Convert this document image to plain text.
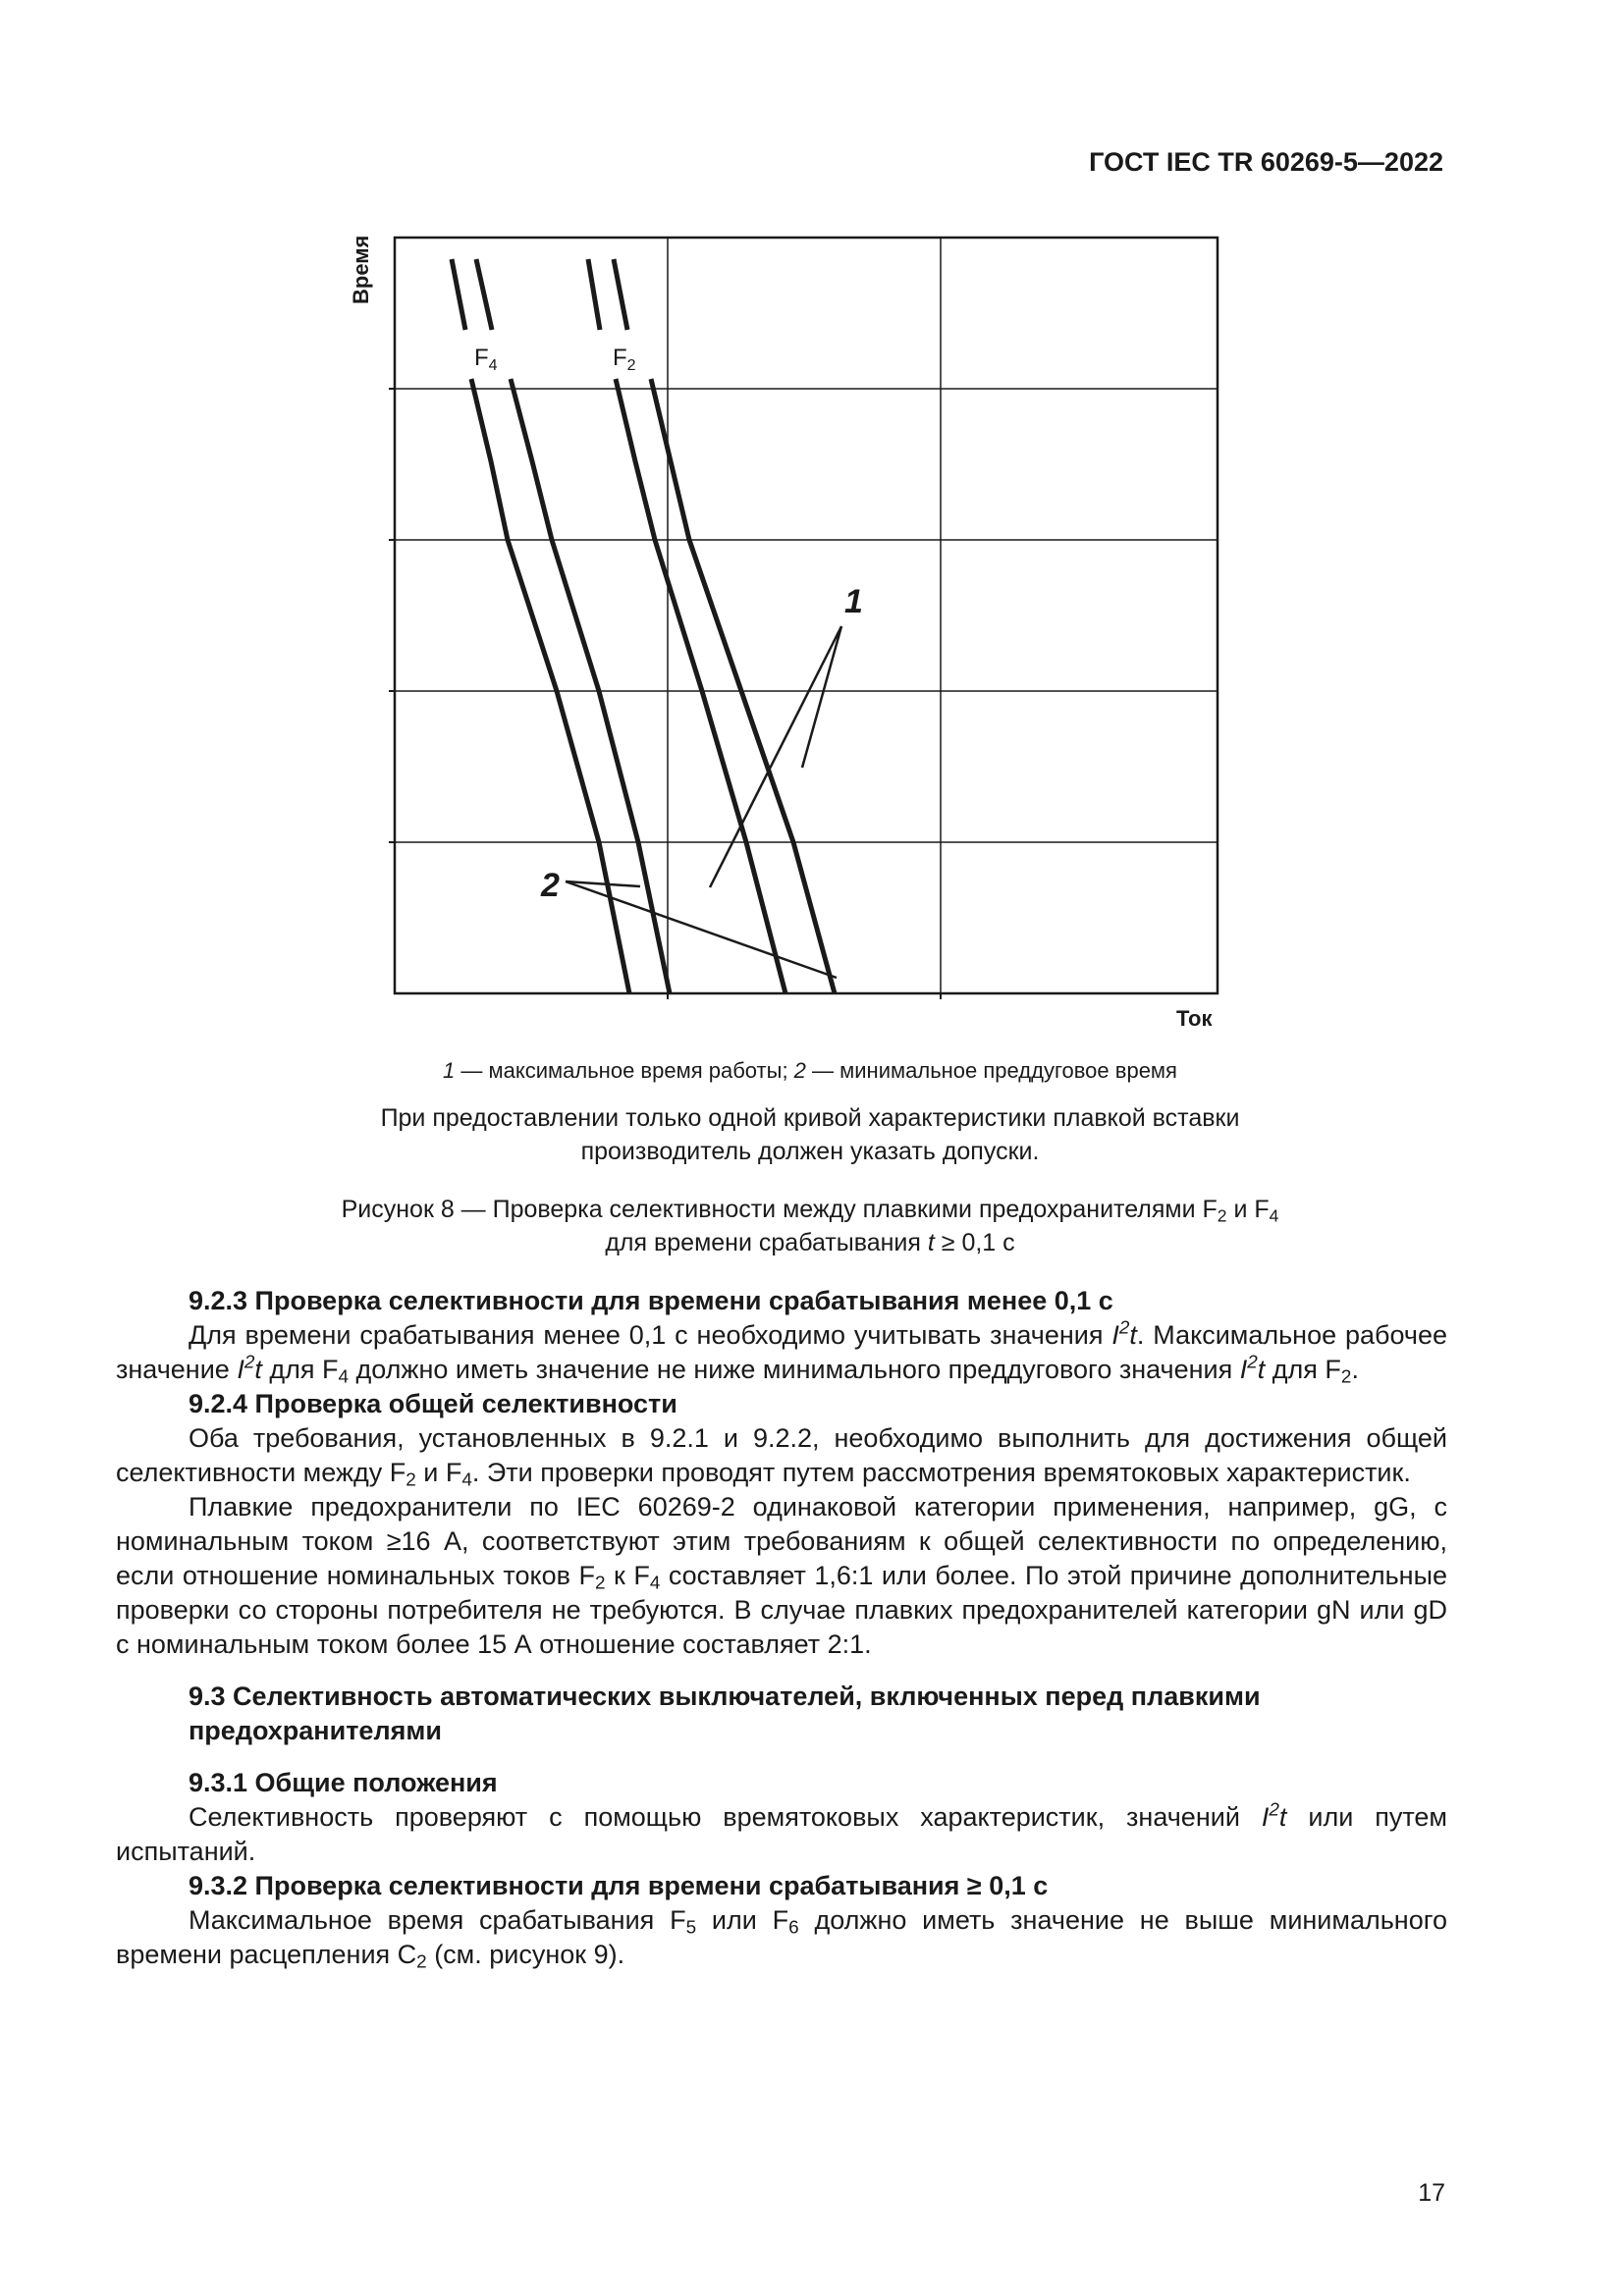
ГОСТ IEC TR 60269-5—2022
$F_4$	$F_2$
1
2
Время
Ток
1 — максимальное время работы; 2 — минимальное преддуговое время
При предоставлении только одной кривой характеристики плавкой вставки
производитель должен указать допуски.
Рисунок 8 — Проверка селективности между плавкими предохранителями $F_2$ и $F_4$
для времени срабатывания t ≥ 0,1 с

9.2.3 Проверка селективности для времени срабатывания менее 0,1 с

Для времени срабатывания менее 0,1 с необходимо учитывать значения $I^2t$. Максимальное рабочее значение $I^2t$ для $F_4$ должно иметь значение не ниже минимального преддугового значения $I^2t$ для $F_2$.

9.2.4 Проверка общей селективности

Оба требования, установленных в 9.2.1 и 9.2.2, необходимо выполнить для достижения общей селективности между $F_2$ и $F_4$. Эти проверки проводят путем рассмотрения времятоковых характеристик.

Плавкие предохранители по IEC 60269-2 одинаковой категории применения, например, gG, с номинальным током ≥16 А, соответствуют этим требованиям к общей селективности по определению, если отношение номинальных токов $F_2$ к $F_4$ составляет 1,6:1 или более. По этой причине дополнительные проверки со стороны потребителя не требуются. В случае плавких предохранителей категории gN или gD с номинальным током более 15 А отношение составляет 2:1.

9.3 Селективность автоматических выключателей, включенных перед плавкими
предохранителями

9.3.1 Общие положения

Селективность проверяют с помощью времятоковых характеристик, значений $I^2t$ или путем испытаний.

9.3.2 Проверка селективности для времени срабатывания ≥ 0,1 с

Максимальное время срабатывания $F_5$ или $F_6$ должно иметь значение не выше минимального времени расцепления $C_2$ (см. рисунок 9).

17
